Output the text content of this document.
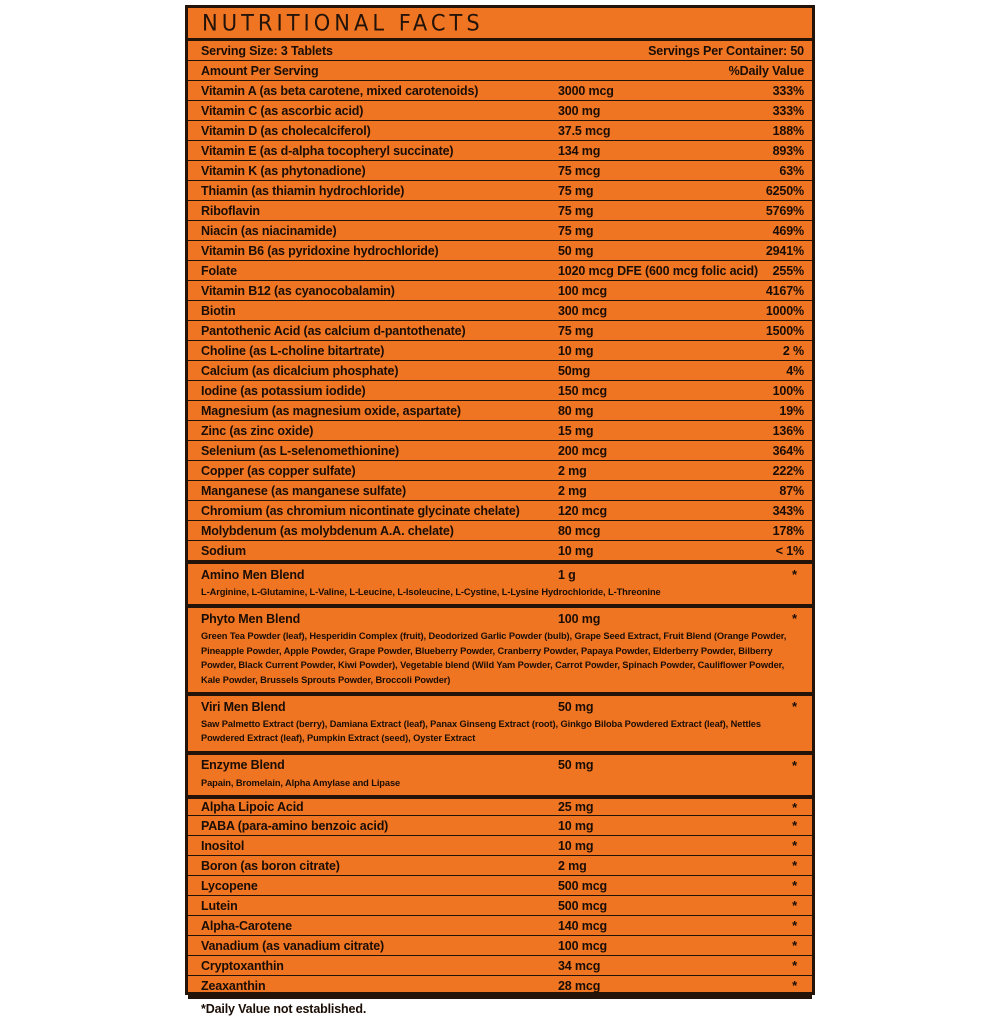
NUTRITIONAL FACTS
Serving Size: 3 Tablets	Servings Per Container: 50
Amount Per Serving	%Daily Value
Vitamin A (as beta carotene, mixed carotenoids)	3000 mcg	333%
Vitamin C (as ascorbic acid)	300 mg	333%
Vitamin D (as cholecalciferol)	37.5 mcg	188%
Vitamin E (as d-alpha tocopheryl succinate)	134 mg	893%
Vitamin K (as phytonadione)	75 mcg	63%
Thiamin (as thiamin hydrochloride)	75 mg	6250%
Riboflavin	75 mg	5769%
Niacin (as niacinamide)	75 mg	469%
Vitamin B6 (as pyridoxine hydrochloride)	50 mg	2941%
Folate	1020 mcg DFE (600 mcg folic acid)	255%
Vitamin B12 (as cyanocobalamin)	100 mcg	4167%
Biotin	300 mcg	1000%
Pantothenic Acid (as calcium d-pantothenate)	75 mg	1500%
Choline (as L-choline bitartrate)	10 mg	2 %
Calcium (as dicalcium phosphate)	50mg	4%
Iodine (as potassium iodide)	150 mcg	100%
Magnesium (as magnesium oxide, aspartate)	80 mg	19%
Zinc (as zinc oxide)	15 mg	136%
Selenium (as L-selenomethionine)	200 mcg	364%
Copper (as copper sulfate)	2 mg	222%
Manganese (as manganese sulfate)	2 mg	87%
Chromium (as chromium nicontinate glycinate chelate)	120 mcg	343%
Molybdenum (as molybdenum A.A. chelate)	80 mcg	178%
Sodium	10 mg	< 1%
Amino Men Blend	1 g	*
L-Arginine, L-Glutamine, L-Valine, L-Leucine, L-Isoleucine, L-Cystine, L-Lysine Hydrochloride, L-Threonine
Phyto Men Blend	100 mg	*
Green Tea Powder (leaf), Hesperidin Complex (fruit), Deodorized Garlic Powder (bulb), Grape Seed Extract, Fruit Blend (Orange Powder, Pineapple Powder, Apple Powder, Grape Powder, Blueberry Powder, Cranberry Powder, Papaya Powder, Elderberry Powder, Bilberry Powder, Black Current Powder, Kiwi Powder), Vegetable blend (Wild Yam Powder, Carrot Powder, Spinach Powder, Cauliflower Powder, Kale Powder, Brussels Sprouts Powder, Broccoli Powder)
Viri Men Blend	50 mg	*
Saw Palmetto Extract (berry), Damiana Extract (leaf), Panax Ginseng Extract (root), Ginkgo Biloba Powdered Extract (leaf), Nettles Powdered Extract (leaf), Pumpkin Extract (seed), Oyster Extract
Enzyme Blend	50 mg	*
Papain, Bromelain, Alpha Amylase and Lipase
Alpha Lipoic Acid	25 mg	*
PABA (para-amino benzoic acid)	10 mg	*
Inositol	10 mg	*
Boron (as boron citrate)	2 mg	*
Lycopene	500 mcg	*
Lutein	500 mcg	*
Alpha-Carotene	140 mcg	*
Vanadium (as vanadium citrate)	100 mcg	*
Cryptoxanthin	34 mcg	*
Zeaxanthin	28 mcg	*
*Daily Value not established.
